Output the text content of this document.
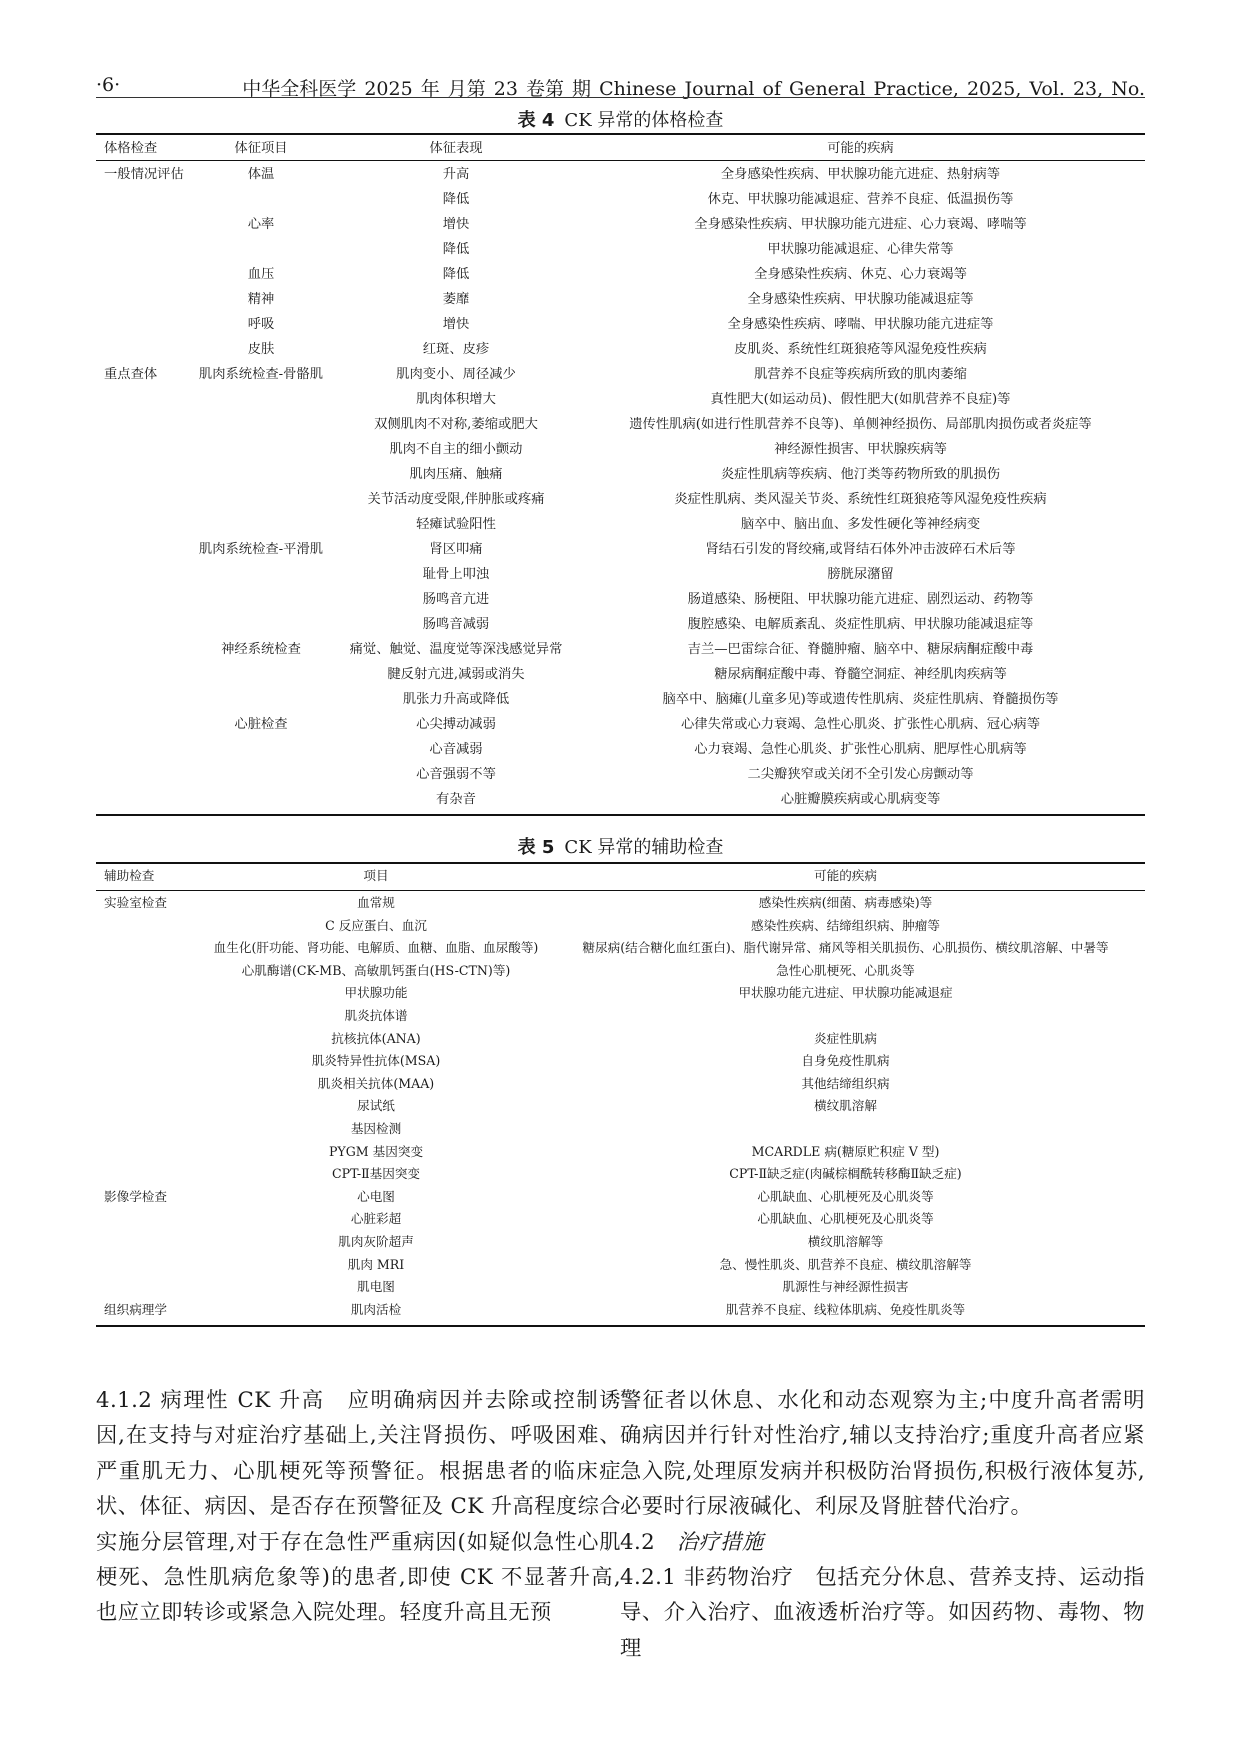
·6·	中华全科医学 2025 年 月第 23 卷第 期 Chinese Journal of General Practice, 2025, Vol. 23, No.
表 4 CK 异常的体格检查
体格检查	体征项目	体征表现	可能的疾病
一般情况评估	体温	升高	全身感染性疾病、甲状腺功能亢进症、热射病等
		降低	休克、甲状腺功能减退症、营养不良症、低温损伤等
	心率	增快	全身感染性疾病、甲状腺功能亢进症、心力衰竭、哮喘等
		降低	甲状腺功能减退症、心律失常等
	血压	降低	全身感染性疾病、休克、心力衰竭等
	精神	萎靡	全身感染性疾病、甲状腺功能减退症等
	呼吸	增快	全身感染性疾病、哮喘、甲状腺功能亢进症等
	皮肤	红斑、皮疹	皮肌炎、系统性红斑狼疮等风湿免疫性疾病
重点查体	肌肉系统检查-骨骼肌	肌肉变小、周径减少	肌营养不良症等疾病所致的肌肉萎缩
		肌肉体积增大	真性肥大(如运动员)、假性肥大(如肌营养不良症)等
		双侧肌肉不对称,萎缩或肥大	遗传性肌病(如进行性肌营养不良等)、单侧神经损伤、局部肌肉损伤或者炎症等
		肌肉不自主的细小颤动	神经源性损害、甲状腺疾病等
		肌肉压痛、触痛	炎症性肌病等疾病、他汀类等药物所致的肌损伤
		关节活动度受限,伴肿胀或疼痛	炎症性肌病、类风湿关节炎、系统性红斑狼疮等风湿免疫性疾病
		轻瘫试验阳性	脑卒中、脑出血、多发性硬化等神经病变
	肌肉系统检查-平滑肌	肾区叩痛	肾结石引发的肾绞痛,或肾结石体外冲击波碎石术后等
		耻骨上叩浊	膀胱尿潴留
		肠鸣音亢进	肠道感染、肠梗阻、甲状腺功能亢进症、剧烈运动、药物等
		肠鸣音减弱	腹腔感染、电解质紊乱、炎症性肌病、甲状腺功能减退症等
	神经系统检查	痛觉、触觉、温度觉等深浅感觉异常	吉兰—巴雷综合征、脊髓肿瘤、脑卒中、糖尿病酮症酸中毒
		腱反射亢进,减弱或消失	糖尿病酮症酸中毒、脊髓空洞症、神经肌肉疾病等
		肌张力升高或降低	脑卒中、脑瘫(儿童多见)等或遗传性肌病、炎症性肌病、脊髓损伤等
	心脏检查	心尖搏动减弱	心律失常或心力衰竭、急性心肌炎、扩张性心肌病、冠心病等
		心音减弱	心力衰竭、急性心肌炎、扩张性心肌病、肥厚性心肌病等
		心音强弱不等	二尖瓣狭窄或关闭不全引发心房颤动等
		有杂音	心脏瓣膜疾病或心肌病变等
表 5 CK 异常的辅助检查
辅助检查	项目	可能的疾病
实验室检查	血常规	感染性疾病(细菌、病毒感染)等
	C 反应蛋白、血沉	感染性疾病、结缔组织病、肿瘤等
	血生化(肝功能、肾功能、电解质、血糖、血脂、血尿酸等)	糖尿病(结合糖化血红蛋白)、脂代谢异常、痛风等相关肌损伤、心肌损伤、横纹肌溶解、中暑等
	心肌酶谱(CK-MB、高敏肌钙蛋白(HS-CTN)等)	急性心肌梗死、心肌炎等
	甲状腺功能	甲状腺功能亢进症、甲状腺功能减退症
	肌炎抗体谱	
	抗核抗体(ANA)	炎症性肌病
	肌炎特异性抗体(MSA)	自身免疫性肌病
	肌炎相关抗体(MAA)	其他结缔组织病
	尿试纸	横纹肌溶解
	基因检测	
	PYGM 基因突变	MCARDLE 病(糖原贮积症 V 型)
	CPT-Ⅱ基因突变	CPT-Ⅱ缺乏症(肉碱棕榈酰转移酶Ⅱ缺乏症)
影像学检查	心电图	心肌缺血、心肌梗死及心肌炎等
	心脏彩超	心肌缺血、心肌梗死及心肌炎等
	肌肉灰阶超声	横纹肌溶解等
	肌肉 MRI	急、慢性肌炎、肌营养不良症、横纹肌溶解等
	肌电图	肌源性与神经源性损害
组织病理学	肌肉活检	肌营养不良症、线粒体肌病、免疫性肌炎等

4.1.2 病理性 CK 升高  应明确病因并去除或控制诱因,在支持与对症治疗基础上,关注肾损伤、呼吸困难、严重肌无力、心肌梗死等预警征。根据患者的临床症状、体征、病因、是否存在预警征及 CK 升高程度综合实施分层管理,对于存在急性严重病因(如疑似急性心肌梗死、急性肌病危象等)的患者,即使 CK 不显著升高,也应立即转诊或紧急入院处理。轻度升高且无预

警征者以休息、水化和动态观察为主;中度升高者需明确病因并行针对性治疗,辅以支持治疗;重度升高者应紧急入院,处理原发病并积极防治肾损伤,积极行液体复苏,必要时行尿液碱化、利尿及肾脏替代治疗。

4.2  治疗措施

4.2.1 非药物治疗  包括充分休息、营养支持、运动指导、介入治疗、血液透析治疗等。如因药物、毒物、物理
